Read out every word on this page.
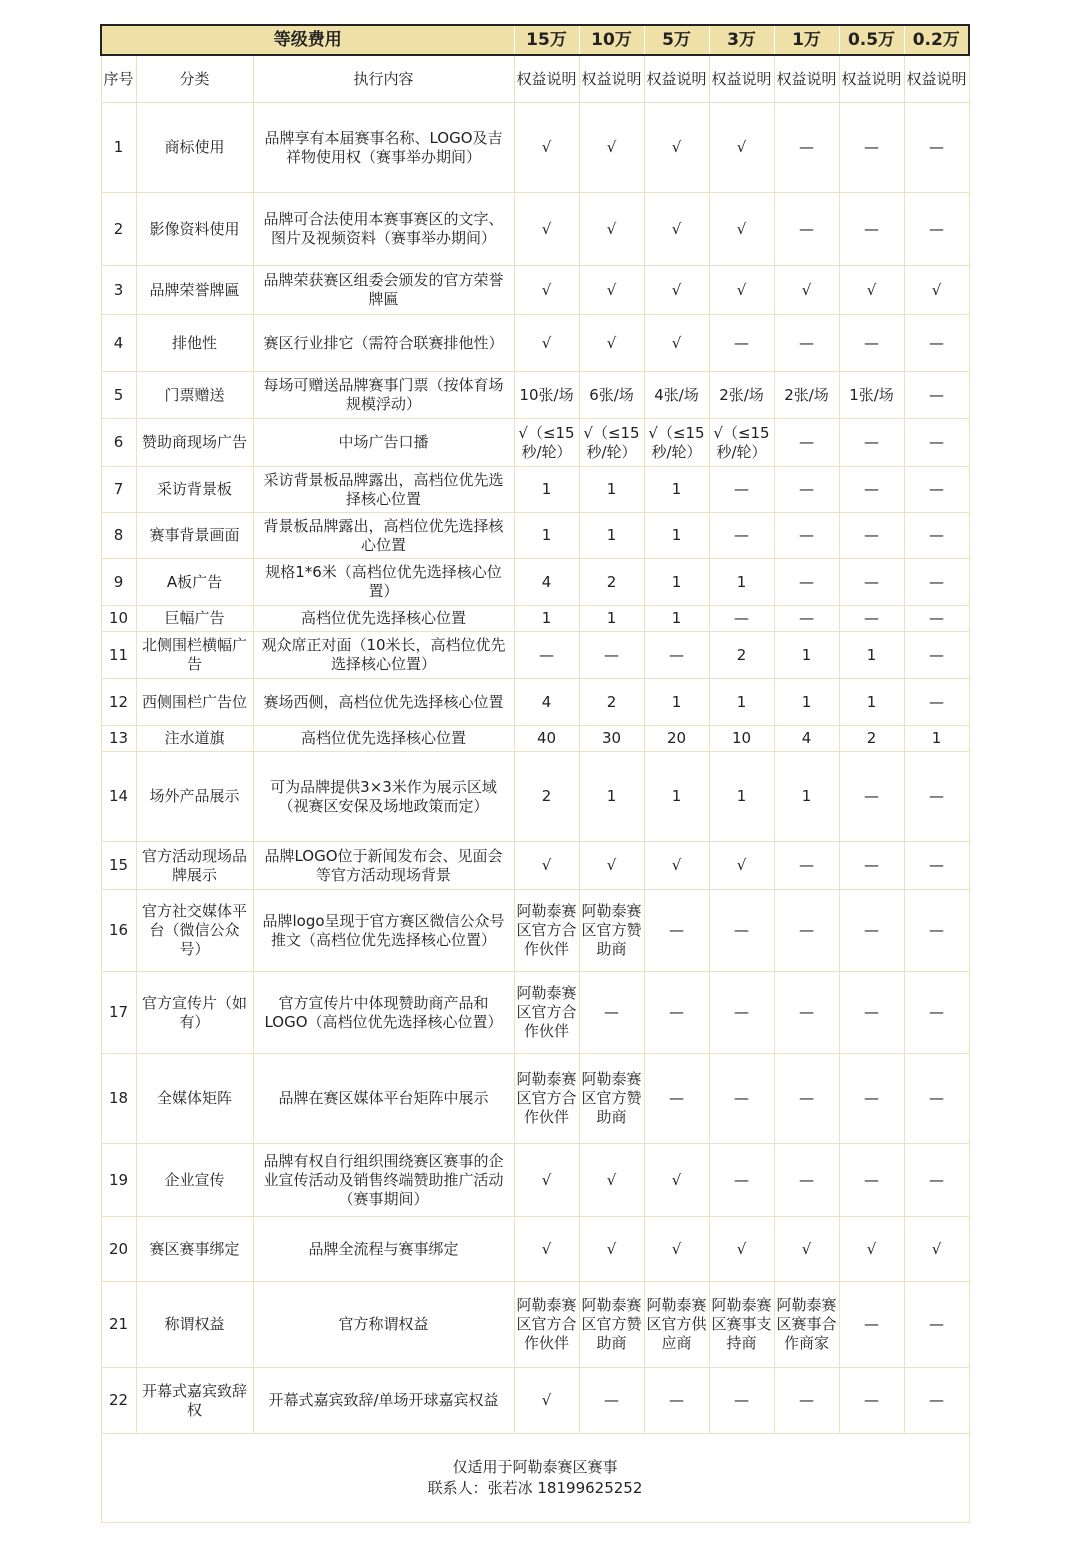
等级费用			15万	10万	5万	3万	1万	0.5万	0.2万
序号	分类	执行内容	权益说明	权益说明	权益说明	权益说明	权益说明	权益说明	权益说明
1	商标使用	品牌享有本届赛事名称、LOGO及吉祥物使用权（赛事举办期间）	√	√	√	√	—	—	—
2	影像资料使用	品牌可合法使用本赛事赛区的文字、图片及视频资料（赛事举办期间）	√	√	√	√	—	—	—
3	品牌荣誉牌匾	品牌荣获赛区组委会颁发的官方荣誉牌匾	√	√	√	√	√	√	√
4	排他性	赛区行业排它（需符合联赛排他性）	√	√	√	—	—	—	—
5	门票赠送	每场可赠送品牌赛事门票（按体育场规模浮动）	10张/场	6张/场	4张/场	2张/场	2张/场	1张/场	—
6	赞助商现场广告	中场广告口播	√（≤15秒/轮）	√（≤15秒/轮）	√（≤15秒/轮）	√（≤15秒/轮）	—	—	—
7	采访背景板	采访背景板品牌露出，高档位优先选择核心位置	1	1	1	—	—	—	—
8	赛事背景画面	背景板品牌露出，高档位优先选择核心位置	1	1	1	—	—	—	—
9	A板广告	规格1*6米（高档位优先选择核心位置）	4	2	1	1	—	—	—
10	巨幅广告	高档位优先选择核心位置	1	1	1	—	—	—	—
11	北侧围栏横幅广告	观众席正对面（10米长，高档位优先选择核心位置）	—	—	—	2	1	1	—
12	西侧围栏广告位	赛场西侧，高档位优先选择核心位置	4	2	1	1	1	1	—
13	注水道旗	高档位优先选择核心位置	40	30	20	10	4	2	1
14	场外产品展示	可为品牌提供3×3米作为展示区域（视赛区安保及场地政策而定）	2	1	1	1	1	—	—
15	官方活动现场品牌展示	品牌LOGO位于新闻发布会、见面会等官方活动现场背景	√	√	√	√	—	—	—
16	官方社交媒体平台（微信公众号）	品牌logo呈现于官方赛区微信公众号推文（高档位优先选择核心位置）	阿勒泰赛区官方合作伙伴	阿勒泰赛区官方赞助商	—	—	—	—	—
17	官方宣传片（如有）	官方宣传片中体现赞助商产品和LOGO（高档位优先选择核心位置）	阿勒泰赛区官方合作伙伴	—	—	—	—	—	—
18	全媒体矩阵	品牌在赛区媒体平台矩阵中展示	阿勒泰赛区官方合作伙伴	阿勒泰赛区官方赞助商	—	—	—	—	—
19	企业宣传	品牌有权自行组织围绕赛区赛事的企业宣传活动及销售终端赞助推广活动（赛事期间）	√	√	√	—	—	—	—
20	赛区赛事绑定	品牌全流程与赛事绑定	√	√	√	√	√	√	√
21	称谓权益	官方称谓权益	阿勒泰赛区官方合作伙伴	阿勒泰赛区官方赞助商	阿勒泰赛区官方供应商	阿勒泰赛区赛事支持商	阿勒泰赛区赛事合作商家	—	—
22	开幕式嘉宾致辞权	开幕式嘉宾致辞/单场开球嘉宾权益	√	—	—	—	—	—	—

仅适用于阿勒泰赛区赛事
联系人：张若冰 18199625252									
